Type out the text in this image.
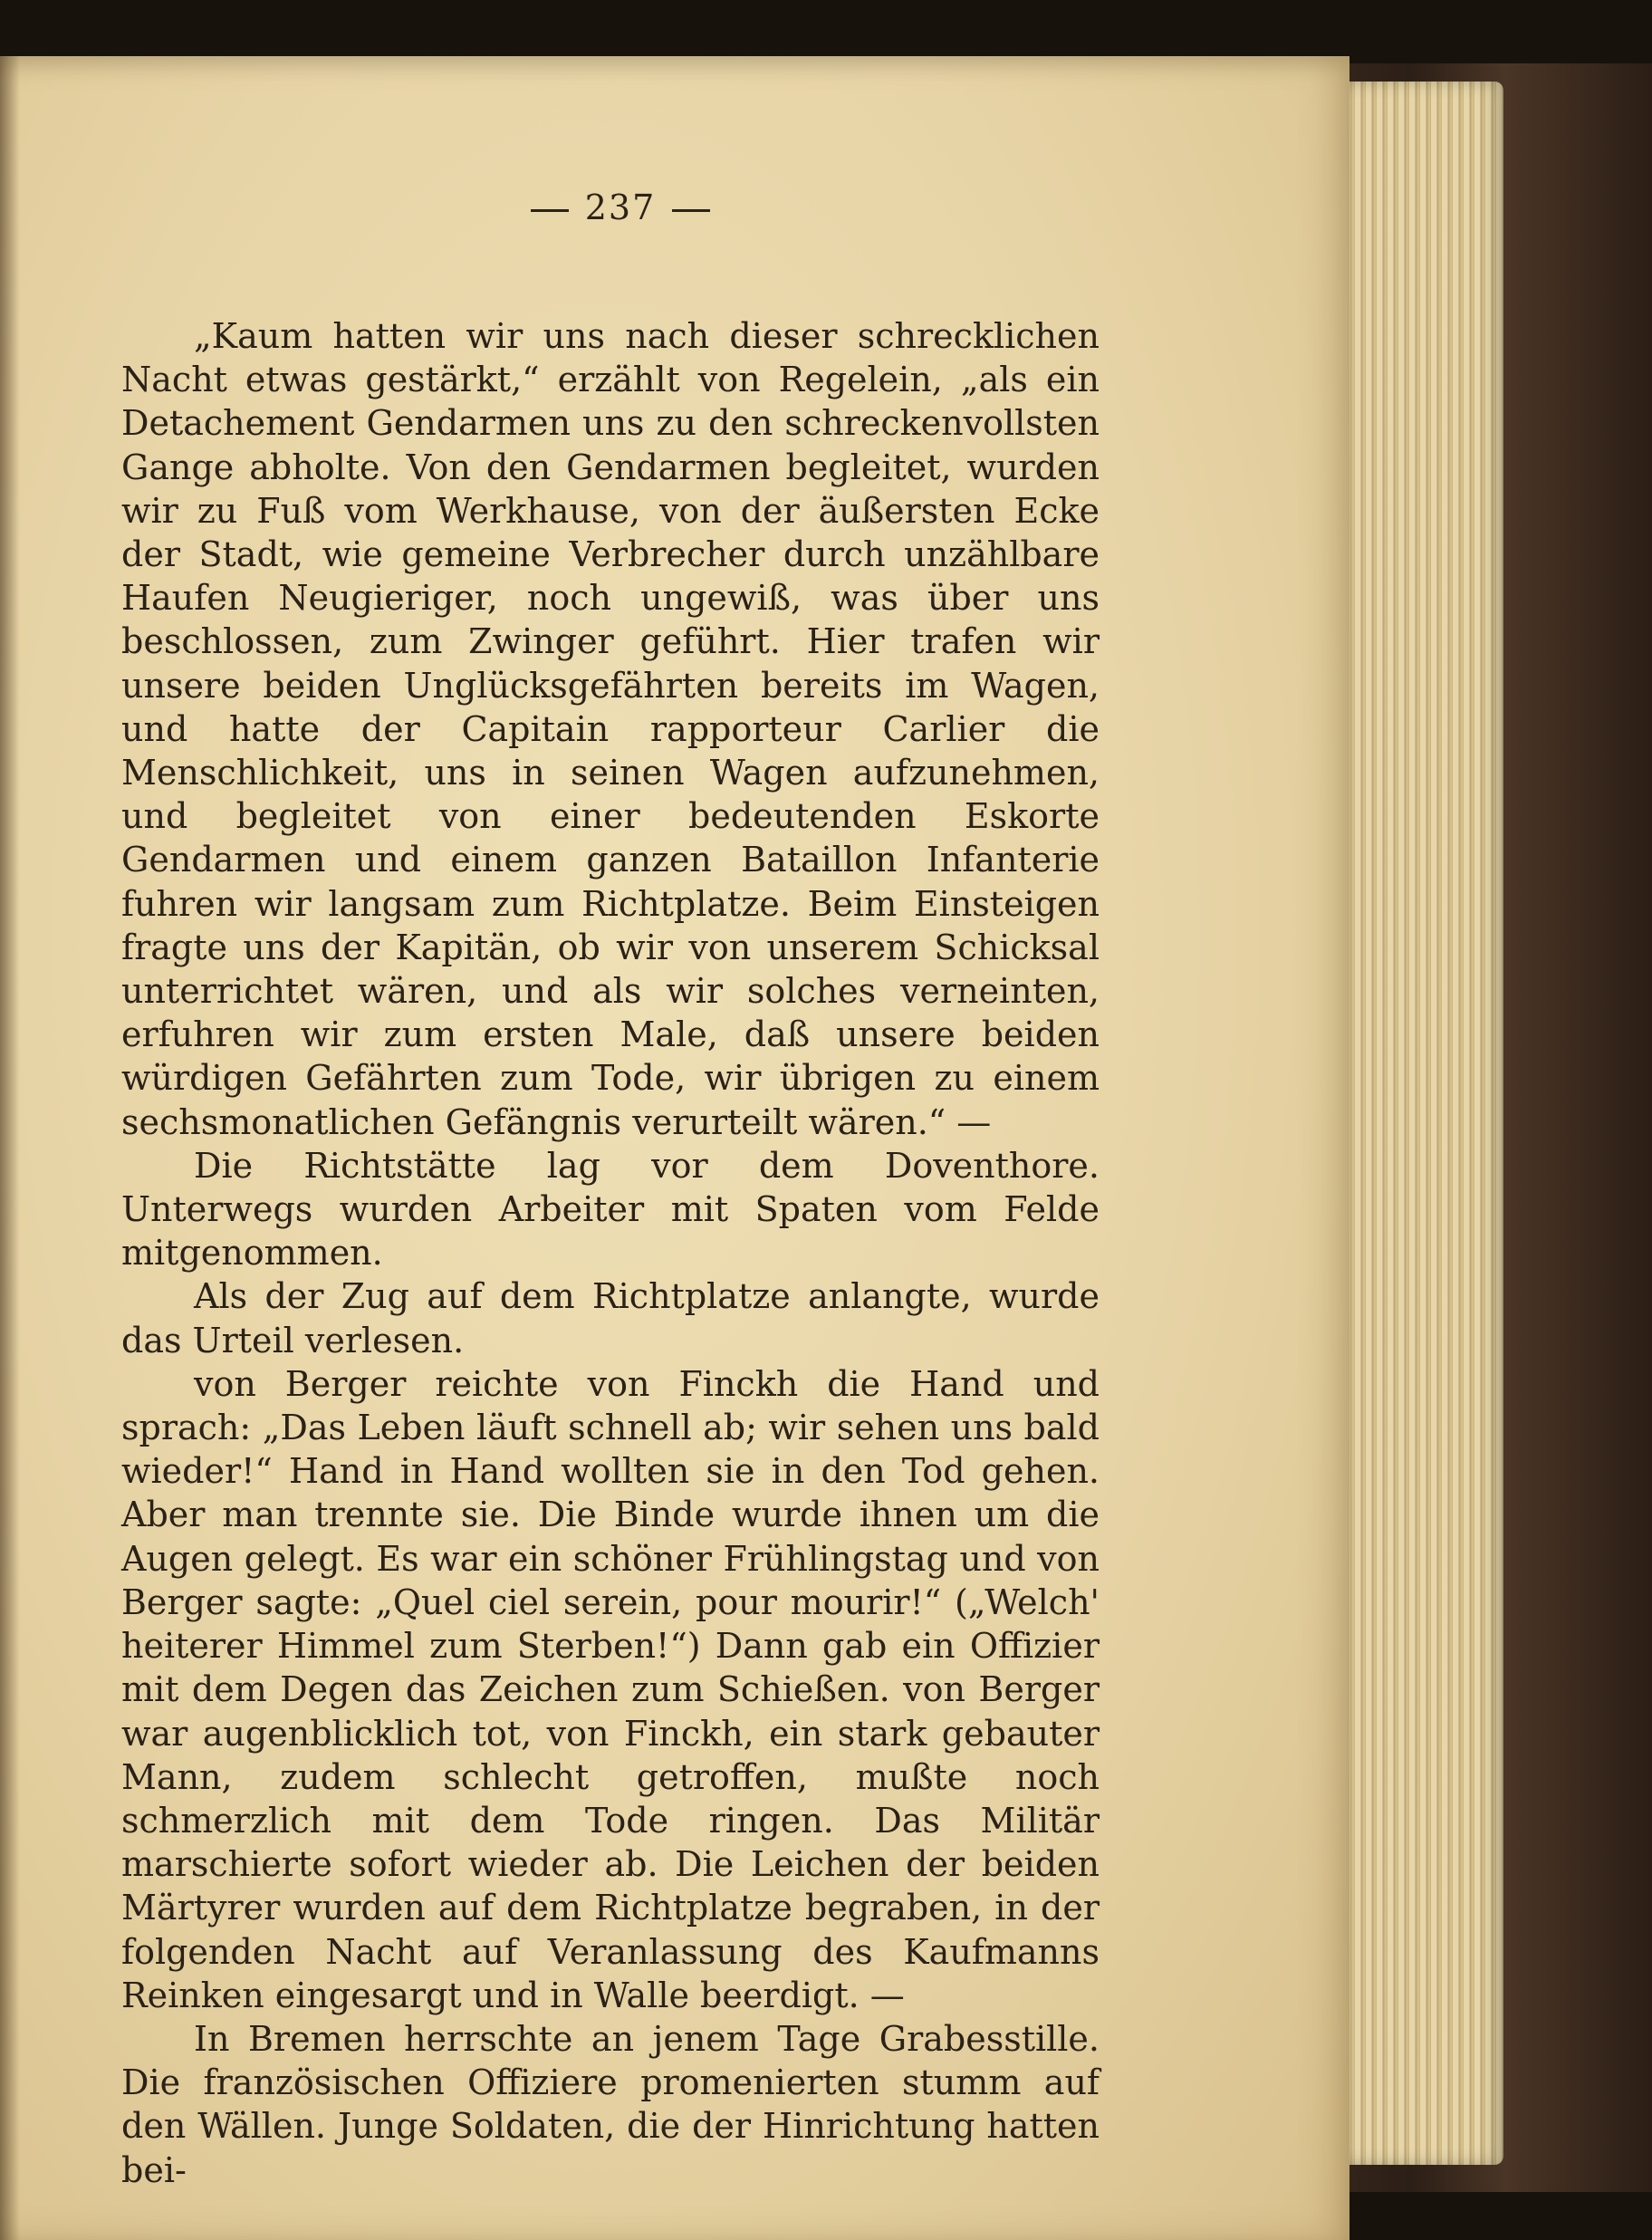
237

„Kaum hatten wir uns nach dieser schrecklichen Nacht etwas gestärkt,“ erzählt von Regelein, „als ein Detachement Gendarmen uns zu den schreckenvollsten Gange abholte. Von den Gendarmen begleitet, wurden wir zu Fuß vom Werkhause, von der äußersten Ecke der Stadt, wie gemeine Verbrecher durch unzählbare Haufen Neugieriger, noch ungewiß, was über uns beschlossen, zum Zwinger geführt. Hier trafen wir unsere beiden Unglücksgefährten bereits im Wagen, und hatte der Capitain rapporteur Carlier die Menschlichkeit, uns in seinen Wagen aufzunehmen, und begleitet von einer bedeutenden Eskorte Gendarmen und einem ganzen Bataillon Infanterie fuhren wir langsam zum Richtplatze. Beim Einsteigen fragte uns der Kapitän, ob wir von unserem Schicksal unterrichtet wären, und als wir solches verneinten, erfuhren wir zum ersten Male, daß unsere beiden würdigen Gefährten zum Tode, wir übrigen zu einem sechsmonatlichen Gefängnis verurteilt wären.“ —

Die Richtstätte lag vor dem Doventhore. Unterwegs wurden Arbeiter mit Spaten vom Felde mitgenommen.

Als der Zug auf dem Richtplatze anlangte, wurde das Urteil verlesen.

von Berger reichte von Finckh die Hand und sprach: „Das Leben läuft schnell ab; wir sehen uns bald wieder!“ Hand in Hand wollten sie in den Tod gehen. Aber man trennte sie. Die Binde wurde ihnen um die Augen gelegt. Es war ein schöner Frühlingstag und von Berger sagte: „Quel ciel serein, pour mourir!“ („Welch' heiterer Himmel zum Sterben!“) Dann gab ein Offizier mit dem Degen das Zeichen zum Schießen. von Berger war augenblicklich tot, von Finckh, ein stark gebauter Mann, zudem schlecht getroffen, mußte noch schmerzlich mit dem Tode ringen. Das Militär marschierte sofort wieder ab. Die Leichen der beiden Märtyrer wurden auf dem Richtplatze begraben, in der folgenden Nacht auf Veranlassung des Kaufmanns Reinken eingesargt und in Walle beerdigt. —

In Bremen herrschte an jenem Tage Grabesstille. Die französischen Offiziere promenierten stumm auf den Wällen. Junge Soldaten, die der Hinrichtung hatten bei-
